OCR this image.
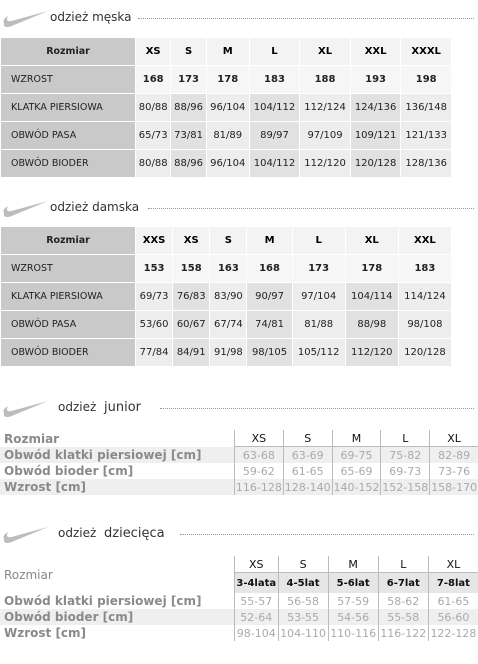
odzież męska
Rozmiar	XS	S	M	L	XL	XXL	XXXL
WZROST	168	173	178	183	188	193	198
KLATKA PIERSIOWA	80/88	88/96	96/104	104/112	112/124	124/136	136/148
OBWÓD PASA	65/73	73/81	81/89	89/97	97/109	109/121	121/133
OBWÓD BIODER	80/88	88/96	96/104	104/112	112/120	120/128	128/136
odzież damska
Rozmiar	XXS	XS	S	M	L	XL	XXL
WZROST	153	158	163	168	173	178	183
KLATKA PIERSIOWA	69/73	76/83	83/90	90/97	97/104	104/114	114/124
OBWÓD PASA	53/60	60/67	67/74	74/81	81/88	88/98	98/108
OBWÓD BIODER	77/84	84/91	91/98	98/105	105/112	112/120	120/128
odzież junior
Rozmiar	XS	S	M	L	XL
Obwód klatki piersiowej [cm]	63-68	63-69	69-75	75-82	82-89
Obwód bioder [cm]	59-62	61-65	65-69	69-73	73-76
Wzrost [cm]	116-128	128-140	140-152	152-158	158-170
odzież dziecięca
Rozmiar	XS	S	M	L	XL
	3-4lata	4-5lat	5-6lat	6-7lat	7-8lat
Obwód klatki piersiowej [cm]	55-57	56-58	57-59	58-62	61-65
Obwód bioder [cm]	52-64	53-55	54-56	55-58	56-60
Wzrost [cm]	98-104	104-110	110-116	116-122	122-128
